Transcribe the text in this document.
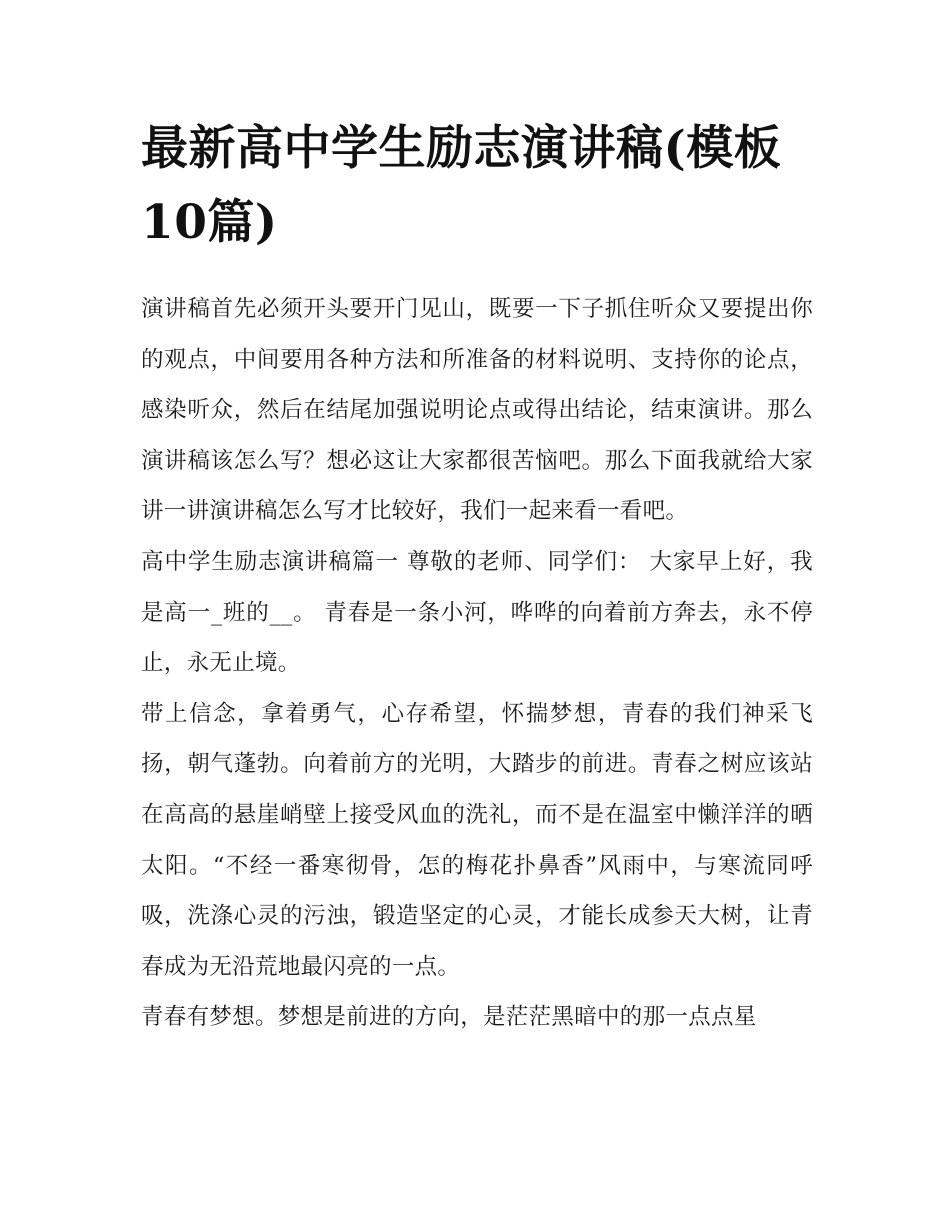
最新高中学生励志演讲稿(模板10篇)

演讲稿首先必须开头要开门见山，既要一下子抓住听众又要提出你的观点，中间要用各种方法和所准备的材料说明、支持你的论点，感染听众，然后在结尾加强说明论点或得出结论，结束演讲。那么演讲稿该怎么写？想必这让大家都很苦恼吧。那么下面我就给大家讲一讲演讲稿怎么写才比较好，我们一起来看一看吧。

高中学生励志演讲稿篇一 尊敬的老师、同学们： 大家早上好，我是高一_班的__。 青春是一条小河，哗哗的向着前方奔去，永不停止，永无止境。

带上信念，拿着勇气，心存希望，怀揣梦想，青春的我们神采飞扬，朝气蓬勃。向着前方的光明，大踏步的前进。青春之树应该站在高高的悬崖峭壁上接受风血的洗礼，而不是在温室中懒洋洋的晒太阳。“不经一番寒彻骨，怎的梅花扑鼻香”风雨中，与寒流同呼吸，洗涤心灵的污浊，锻造坚定的心灵，才能长成参天大树，让青春成为无沿荒地最闪亮的一点。

青春有梦想。梦想是前进的方向，是茫茫黑暗中的那一点点星
